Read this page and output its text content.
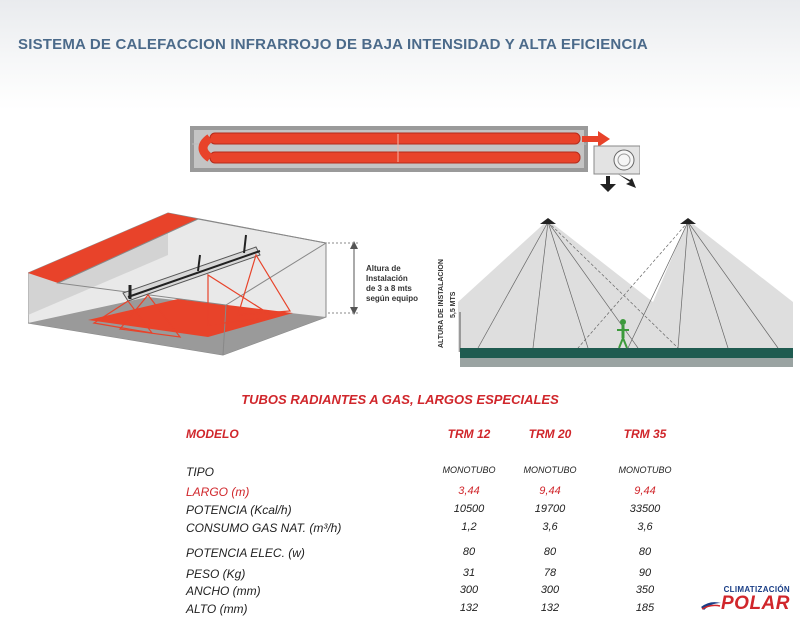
SISTEMA DE CALEFACCION INFRARROJO DE BAJA INTENSIDAD Y ALTA EFICIENCIA
Altura de
Instalación
de 3 a 8 mts
según equipo	ALTURA DE INSTALACION 5,5 MTS
TUBOS RADIANTES A GAS, LARGOS ESPECIALES
MODELO	TRM 12	TRM 20	TRM 35
TIPO	MONOTUBO	MONOTUBO	MONOTUBO
LARGO (m)	3,44	9,44	9,44
POTENCIA (Kcal/h)	10500	19700	33500
CONSUMO GAS NAT. (m³/h)	1,2	3,6	3,6
POTENCIA ELEC. (w)	80	80	80
PESO (Kg)	31	78	90
ANCHO (mm)	300	300	350
ALTO (mm)	132	132	185
CLIMATIZACIÓN
POLAR
